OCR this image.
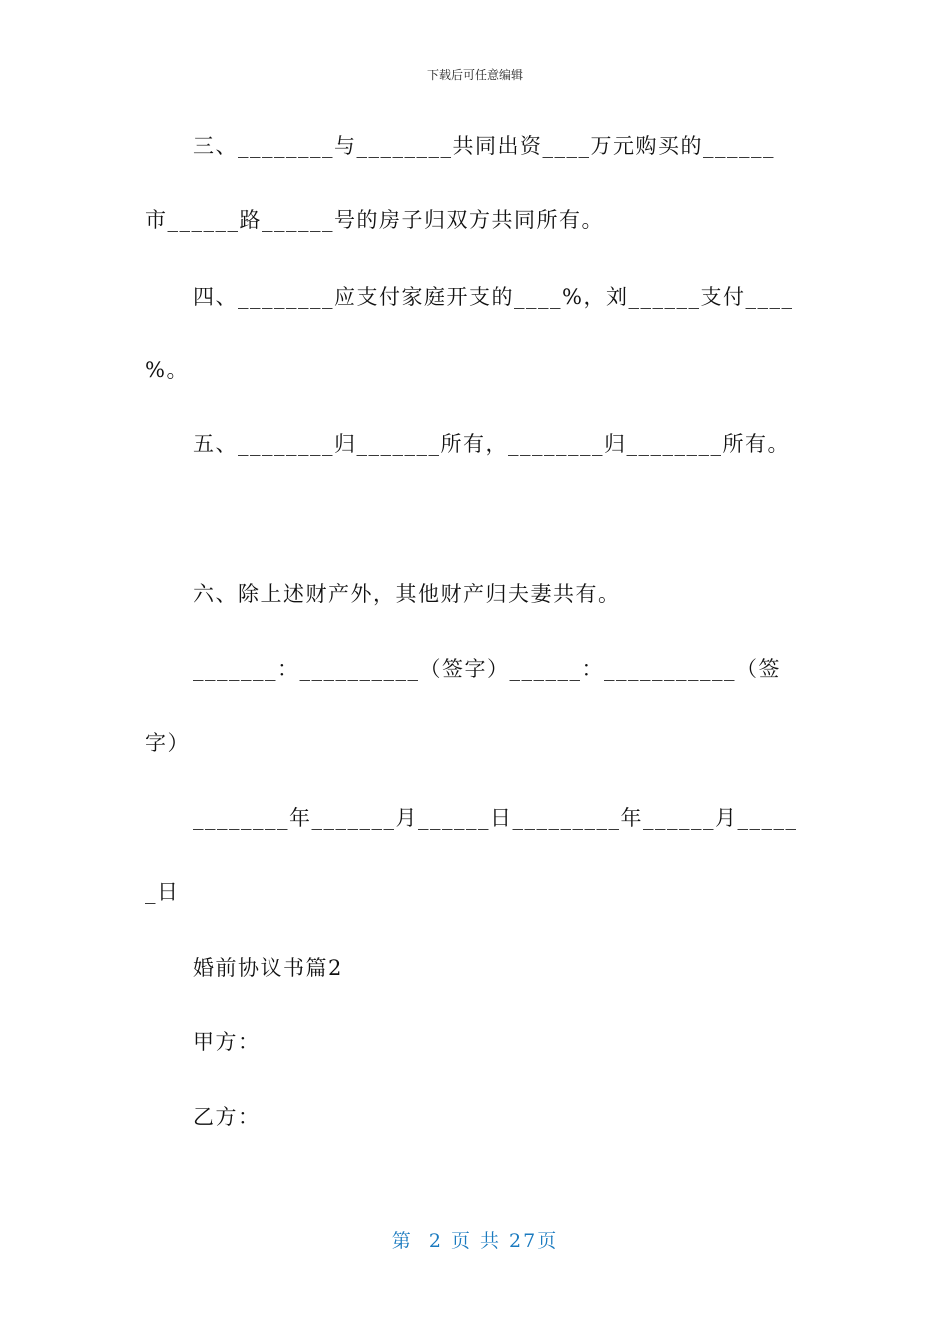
下载后可任意编辑
三、________与________共同出资____万元购买的______
市______路______号的房子归双方共同所有。
四、________应支付家庭开支的____%，刘______支付____
%。
五、________归_______所有，________归________所有。
六、除上述财产外，其他财产归夫妻共有。
_______：__________（签字）______：___________（签
字）
________年_______月______日_________年______月_____
_日
婚前协议书篇2
甲方：
乙方：
第  2 页 共 27页
